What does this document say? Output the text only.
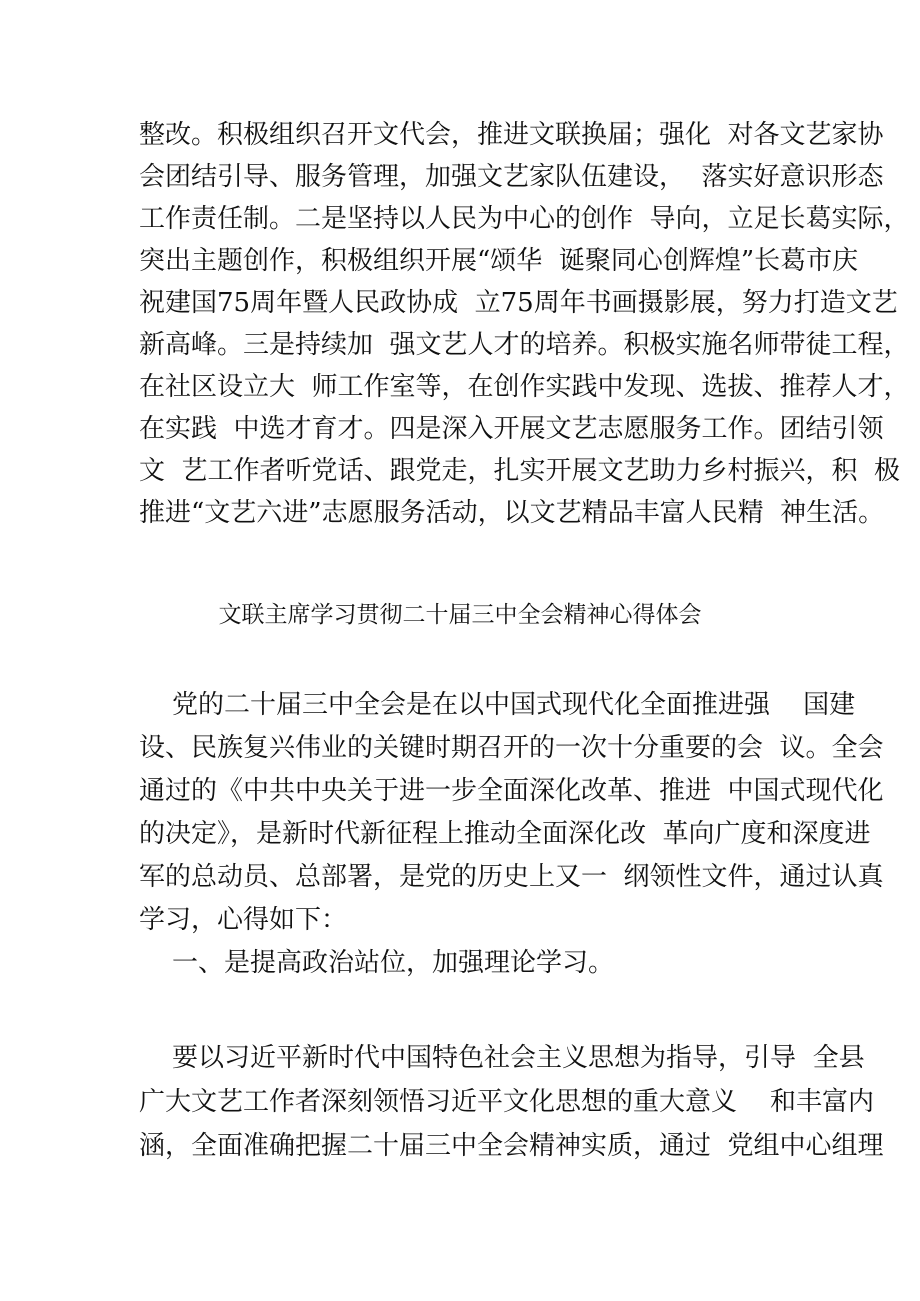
整改。积极组织召开文代会，推进文联换届；强化  对各文艺家协
会团结引导、服务管理，加强文艺家队伍建设，  落实好意识形态
工作责任制。二是坚持以人民为中心的创作  导向，立足长葛实际，
突出主题创作，积极组织开展“颂华  诞聚同心创辉煌”长葛市庆
祝建国75周年暨人民政协成  立75周年书画摄影展，努力打造文艺
新高峰。三是持续加  强文艺人才的培养。积极实施名师带徒工程，
在社区设立大  师工作室等，在创作实践中发现、选拔、推荐人才，
在实践  中选才育才。四是深入开展文艺志愿服务工作。团结引领
文  艺工作者听党话、跟党走，扎实开展文艺助力乡村振兴，积  极
推进“文艺六进”志愿服务活动，以文艺精品丰富人民精  神生活。
文联主席学习贯彻二十届三中全会精神心得体会
党的二十届三中全会是在以中国式现代化全面推进强    国建
设、民族复兴伟业的关键时期召开的一次十分重要的会  议。全会
通过的《中共中央关于进一步全面深化改革、推进  中国式现代化
的决定》，是新时代新征程上推动全面深化改  革向广度和深度进
军的总动员、总部署，是党的历史上又一  纲领性文件，通过认真
学习，心得如下：
一、是提高政治站位，加强理论学习。
要以习近平新时代中国特色社会主义思想为指导，引导  全县
广大文艺工作者深刻领悟习近平文化思想的重大意义    和丰富内
涵，全面准确把握二十届三中全会精神实质，通过  党组中心组理
